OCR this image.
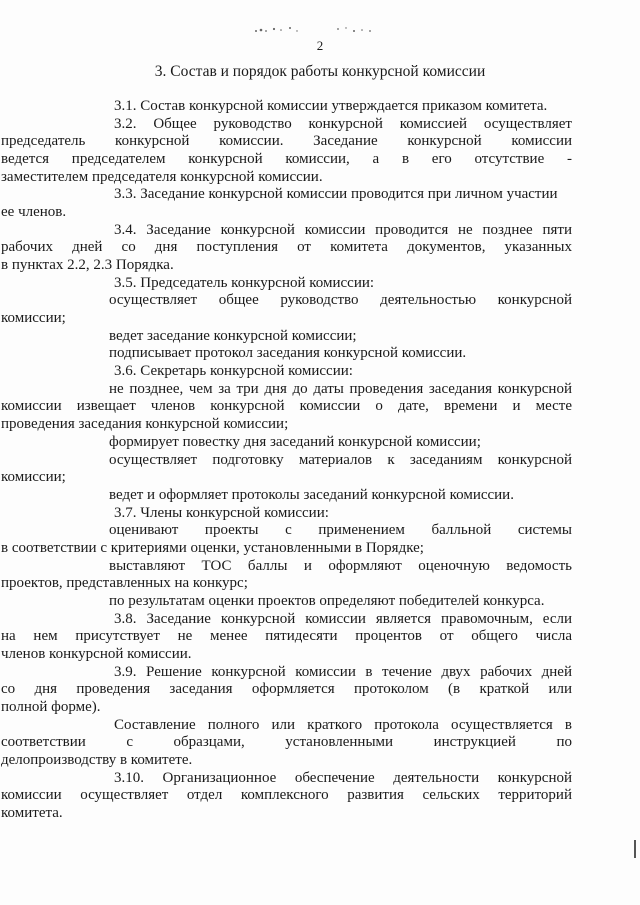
2
3. Состав и порядок работы конкурсной комиссии
3.1. Состав конкурсной комиссии утверждается приказом комитета.
3.2. Общее руководство конкурсной комиссией осуществляет
председатель конкурсной комиссии. Заседание конкурсной комиссии
ведется председателем конкурсной комиссии, а в его отсутствие -
заместителем председателя конкурсной комиссии.
3.3. Заседание конкурсной комиссии проводится при личном участии
ее членов.
3.4. Заседание конкурсной комиссии проводится не позднее пяти
рабочих дней со дня поступления от комитета документов, указанных
в пунктах 2.2, 2.3 Порядка.
3.5. Председатель конкурсной комиссии:
осуществляет общее руководство деятельностью конкурсной
комиссии;
ведет заседание конкурсной комиссии;
подписывает протокол заседания конкурсной комиссии.
3.6. Секретарь конкурсной комиссии:
не позднее, чем за три дня до даты проведения заседания конкурсной
комиссии извещает членов конкурсной комиссии о дате, времени и месте
проведения заседания конкурсной комиссии;
формирует повестку дня заседаний конкурсной комиссии;
осуществляет подготовку материалов к заседаниям конкурсной
комиссии;
ведет и оформляет протоколы заседаний конкурсной комиссии.
3.7. Члены конкурсной комиссии:
оценивают проекты с применением балльной системы
в соответствии с критериями оценки, установленными в Порядке;
выставляют ТОС баллы и оформляют оценочную ведомость
проектов, представленных на конкурс;
по результатам оценки проектов определяют победителей конкурса.
3.8. Заседание конкурсной комиссии является правомочным, если
на нем присутствует не менее пятидесяти процентов от общего числа
членов конкурсной комиссии.
3.9. Решение конкурсной комиссии в течение двух рабочих дней
со дня проведения заседания оформляется протоколом (в краткой или
полной форме).
Составление полного или краткого протокола осуществляется в
соответствии с образцами, установленными инструкцией по
делопроизводству в комитете.
3.10. Организационное обеспечение деятельности конкурсной
комиссии осуществляет отдел комплексного развития сельских территорий
комитета.
